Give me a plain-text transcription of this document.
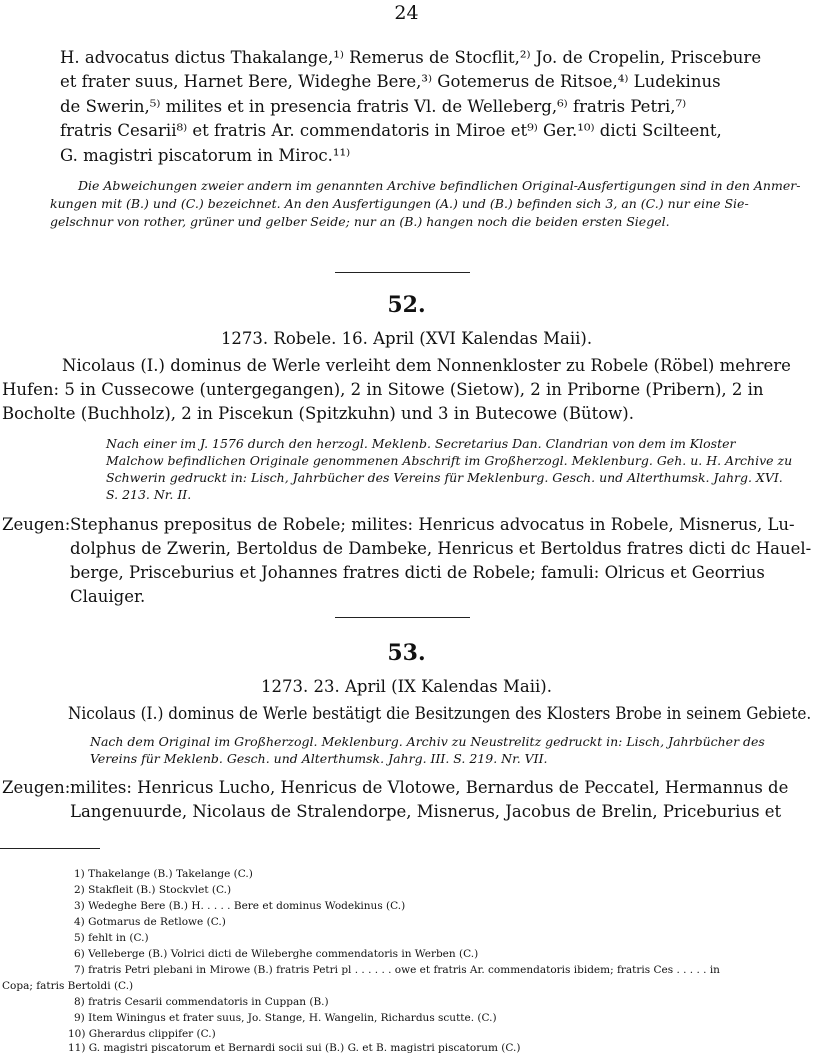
24
H. advocatus dictus Thakalange,¹⁾ Remerus de Stocflit,²⁾ Jo. de Cropelin, Priscebure
et frater suus, Harnet Bere, Wideghe Bere,³⁾ Gotemerus de Ritsoe,⁴⁾ Ludekinus
de Swerin,⁵⁾ milites et in presencia fratris Vl. de Welleberg,⁶⁾ fratris Petri,⁷⁾
fratris Cesarii⁸⁾ et fratris Ar. commendatoris in Miroe et⁹⁾ Ger.¹⁰⁾ dicti Scilteent,
G. magistri piscatorum in Miroc.¹¹⁾
Die Abweichungen zweier andern im genannten Archive befindlichen Original-Ausfertigungen sind in den Anmer-
kungen mit (B.) und (C.) bezeichnet. An den Ausfertigungen (A.) und (B.) befinden sich 3, an (C.) nur eine Sie-
gelschnur von rother, grüner und gelber Seide; nur an (B.) hangen noch die beiden ersten Siegel.
52.
1273. Robele. 16. April (XVI Kalendas Maii).
Nicolaus (I.) dominus de Werle verleiht dem Nonnenkloster zu Robele (Röbel) mehrere
Hufen: 5 in Cussecowe (untergegangen), 2 in Sitowe (Sietow), 2 in Priborne (Pribern), 2 in
Bocholte (Buchholz), 2 in Piscekun (Spitzkuhn) und 3 in Butecowe (Bütow).
Nach einer im J. 1576 durch den herzogl. Meklenb. Secretarius Dan. Clandrian von dem im Kloster
Malchow befindlichen Originale genommenen Abschrift im Großherzogl. Meklenburg. Geh. u. H. Archive zu
Schwerin gedruckt in: Lisch, Jahrbücher des Vereins für Meklenburg. Gesch. und Alterthumsk. Jahrg. XVI.
S. 213. Nr. II.
Zeugen: Stephanus prepositus de Robele; milites: Henricus advocatus in Robele, Misnerus, Lu-
dolphus de Zwerin, Bertoldus de Dambeke, Henricus et Bertoldus fratres dicti dc Hauel-
berge, Prisceburius et Johannes fratres dicti de Robele; famuli: Olricus et Georrius
Clauiger.
53.
1273. 23. April (IX Kalendas Maii).
Nicolaus (I.) dominus de Werle bestätigt die Besitzungen des Klosters Brobe in seinem Gebiete.
Nach dem Original im Großherzogl. Meklenburg. Archiv zu Neustrelitz gedruckt in: Lisch, Jahrbücher des
Vereins für Meklenb. Gesch. und Alterthumsk. Jahrg. III. S. 219. Nr. VII.
Zeugen: milites: Henricus Lucho, Henricus de Vlotowe, Bernardus de Peccatel, Hermannus de
Langenuurde, Nicolaus de Stralendorpe, Misnerus, Jacobus de Brelin, Priceburius et
1) Thakelange (B.) Takelange (C.)
2) Stakfleit (B.) Stockvlet (C.)
3) Wedeghe Bere (B.) H. . . . . Bere et dominus Wodekinus (C.)
4) Gotmarus de Retlowe (C.)
5) fehlt in (C.)
6) Velleberge (B.) Volrici dicti de Wileberghe commendatoris in Werben (C.)
7) fratris Petri plebani in Mirowe (B.) fratris Petri pl . . . . . . owe et fratris Ar. commendatoris ibidem; fratris Ces . . . . . in
Copa; fatris Bertoldi (C.)
8) fratris Cesarii commendatoris in Cuppan (B.)
9) Item Winingus et frater suus, Jo. Stange, H. Wangelin, Richardus scutte. (C.)
10) Gherardus clippifer (C.)
11) G. magistri piscatorum et Bernardi socii sui (B.) G. et B. magistri piscatorum (C.)
